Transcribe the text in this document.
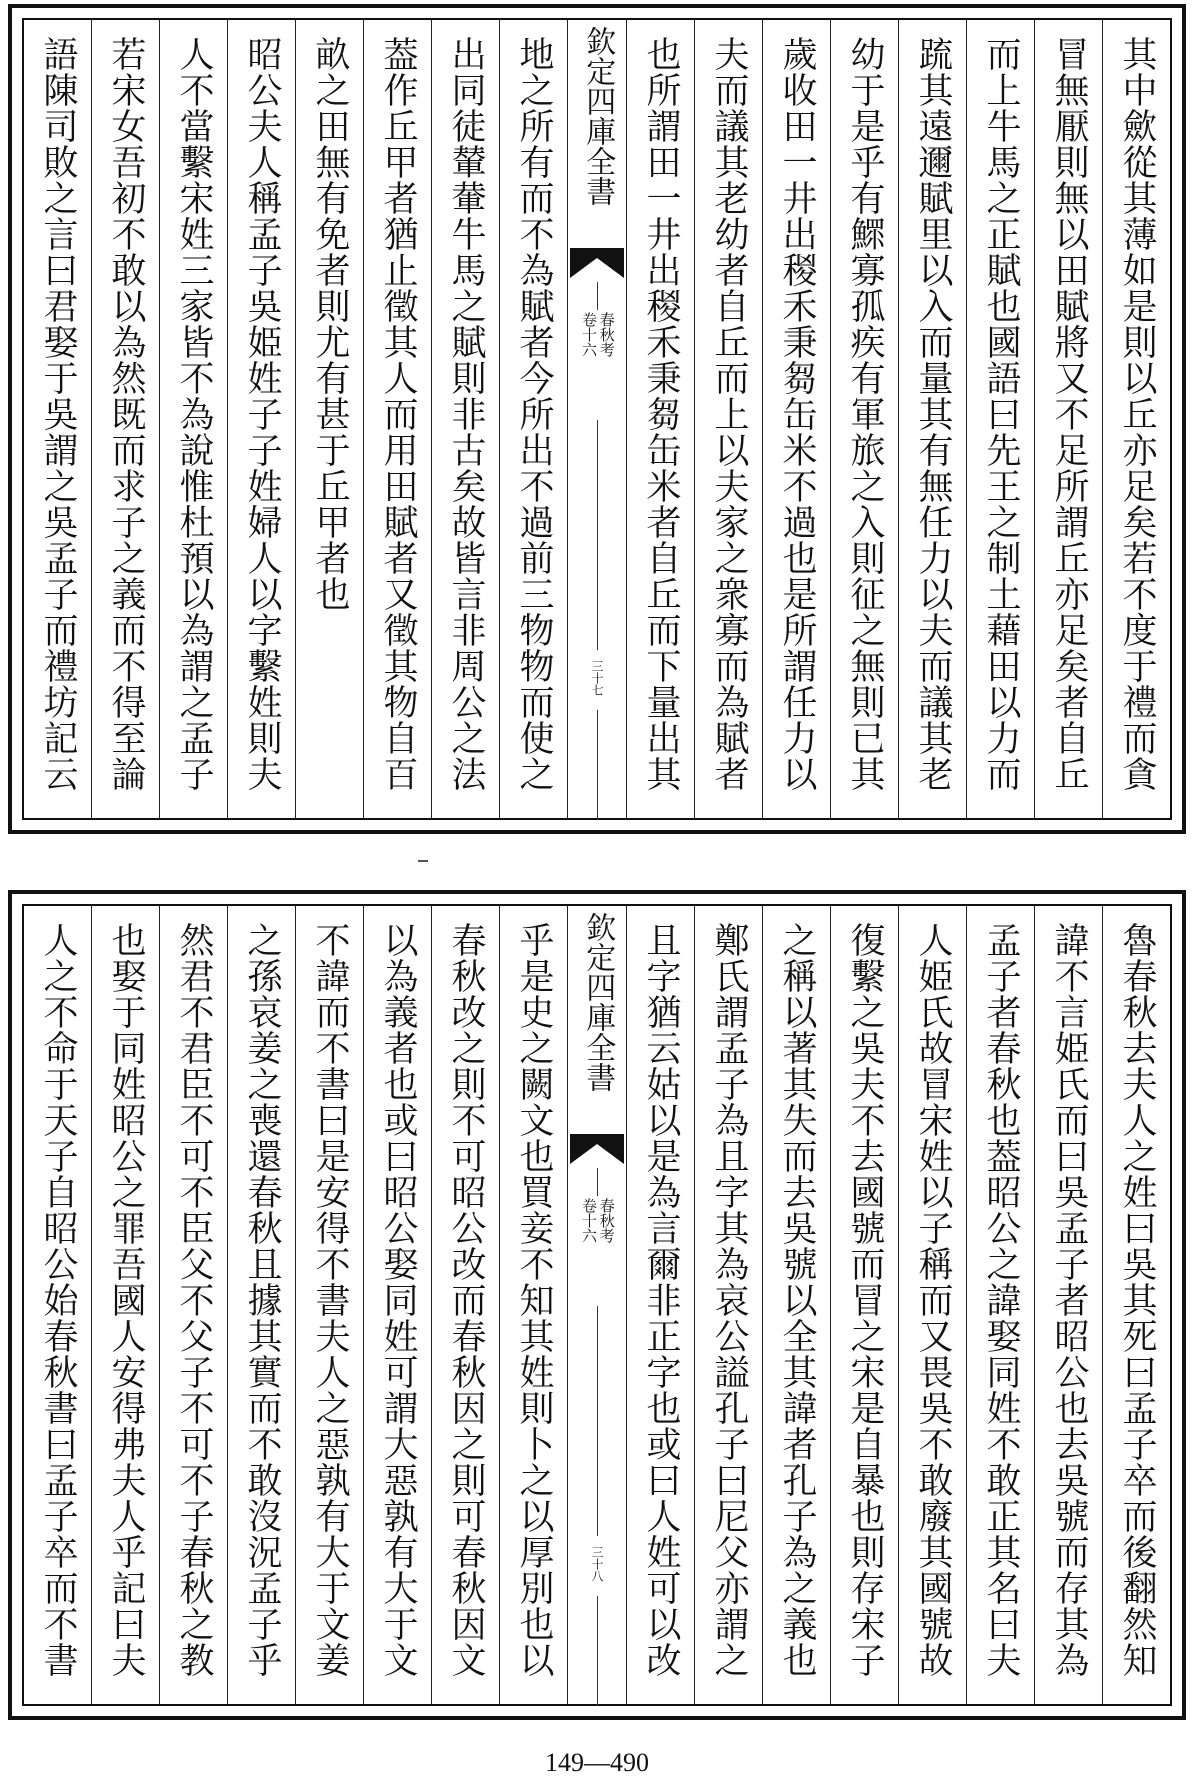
其中歛從其薄如是則以丘亦足矣若不度于禮而貪
冒無厭則無以田賦將又不足所謂丘亦足矣者自丘
而上牛馬之正賦也國語曰先王之制土藉田以力而
䟽其遠邇賦里以入而量其有無任力以夫而議其老
幼于是乎有鰥寡孤疾有軍旅之入則征之無則已其
歲收田一井出稯禾秉芻缶米不過也是所謂任力以
夫而議其老幼者自丘而上以夫家之衆寡而為賦者
也所謂田一井出稯禾秉芻缶米者自丘而下量出其
欽定四庫全書
春秋考
卷十六
三十七
地之所有而不為賦者今所出不過前三物物而使之
出同徒輦輂牛馬之賦則非古矣故皆言非周公之法
葢作丘甲者猶止徵其人而用田賦者又徵其物自百
畝之田無有免者則尤有甚于丘甲者也
昭公夫人稱孟子吳姫姓子子姓婦人以字繫姓則夫
人不當繫宋姓三家皆不為說惟杜預以為謂之孟子
若宋女吾初不敢以為然既而求子之義而不得至論
語陳司敗之言曰君娶于吳謂之吳孟子而禮坊記云
魯春秋去夫人之姓曰吳其死曰孟子卒而後翻然知
諱不言姫氏而曰吳孟子者昭公也去吳號而存其為
孟子者春秋也葢昭公之諱娶同姓不敢正其名曰夫
人姫氏故冒宋姓以子稱而又畏吳不敢廢其國號故
復繫之吳夫不去國號而冒之宋是自暴也則存宋子
之稱以著其失而去吳號以全其諱者孔子為之義也
鄭氏謂孟子為且字其為哀公謚孔子曰尼父亦謂之
且字猶云姑以是為言爾非正字也或曰人姓可以改
欽定四庫全書
春秋考
卷十六
三十八
乎是史之闕文也買妾不知其姓則卜之以厚別也以
春秋改之則不可昭公改而春秋因之則可春秋因文
以為義者也或曰昭公娶同姓可謂大惡孰有大于文
不諱而不書曰是安得不書夫人之惡孰有大于文姜
之孫哀姜之喪還春秋且據其實而不敢沒況孟子乎
然君不君臣不可不臣父不父子不可不子春秋之教
也娶于同姓昭公之罪吾國人安得弗夫人乎記曰夫
人之不命于天子自昭公始春秋書曰孟子卒而不書
149—490
